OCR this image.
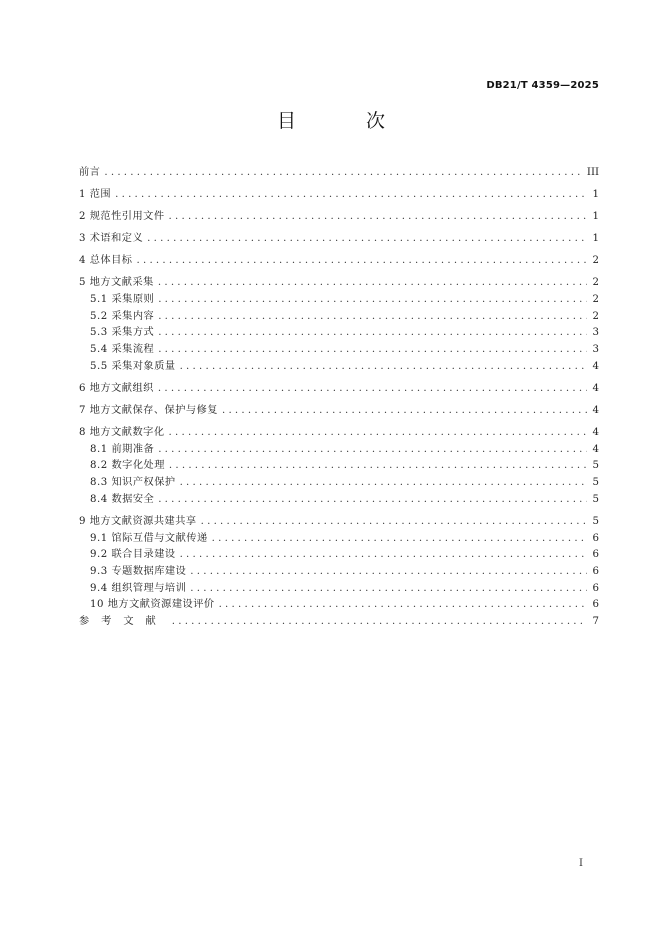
DB21/T 4359—2025
目 次
前言 . . .	III
1 范围 . . .	1
2 规范性引用文件 . . .	1
3 术语和定义 . . .	1
4 总体目标 . . .	2
5 地方文献采集 . . .	2
5.1 采集原则 . . .	2
5.2 采集内容 . . .	2
5.3 采集方式 . . .	3
5.4 采集流程 . . .	3
5.5 采集对象质量 . . .	4
6 地方文献组织 . . .	4
7 地方文献保存、保护与修复 . . .	4
8 地方文献数字化 . . .	4
8.1 前期准备 . . .	4
8.2 数字化处理 . . .	5
8.3 知识产权保护 . . .	5
8.4 数据安全 . . .	5
9 地方文献资源共建共享 . . .	5
9.1 馆际互借与文献传递 . . .	6
9.2 联合目录建设 . . .	6
9.3 专题数据库建设 . . .	6
9.4 组织管理与培训 . . .	6
10 地方文献资源建设评价 . . .	6
参考文献 . . .	7
I
